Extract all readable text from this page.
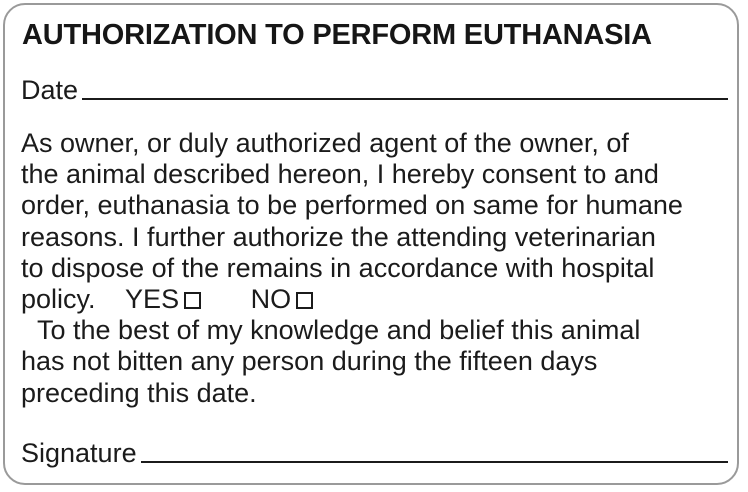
AUTHORIZATION TO PERFORM EUTHANASIA
Date

As owner, or duly authorized agent of the owner, of
the animal described hereon, I hereby consent to and
order, euthanasia to be performed on same for humane
reasons. I further authorize the attending veterinarian
to dispose of the remains in accordance with hospital
policy. YES	NO
To the best of my knowledge and belief this animal
has not bitten any person during the fifteen days
preceding this date.

Signature
